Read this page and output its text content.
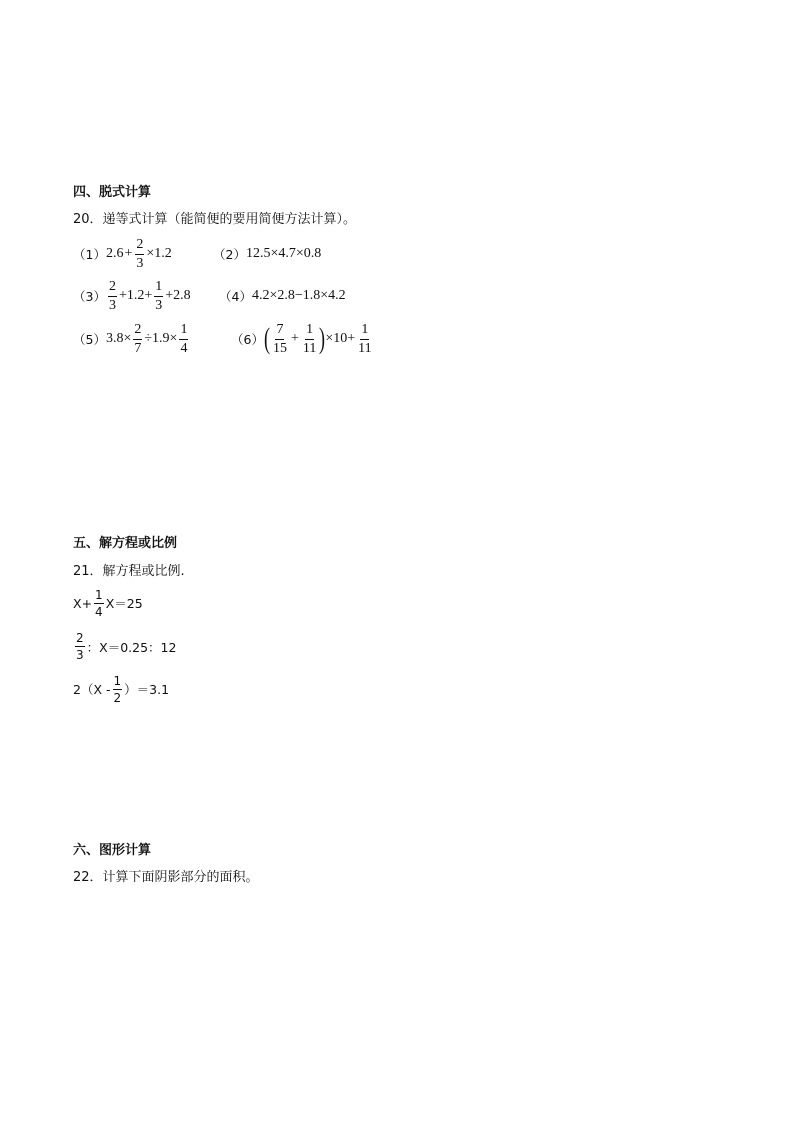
四、脱式计算
20．递等式计算（能简便的要用简便方法计算）。
（1） $2.6 + \frac{2}{3} \times 1.2$	（2） 12.5×4.7×0.8
$(3) \frac{2}{3} +1.2+ \frac{1}{3} +2.8$ （4） 4.2×2.8−1.8×4.2
（5） $3.8\times \frac{2}{7} \div 1.9\times \frac{1}{4}$	（6） ( $\frac{7}{15} + \frac{1}{11}$ ) $\times 10+ \frac{1}{11}$
五、解方程或比例
21．解方程或比例.
$X+ \frac{1}{4} X=25$
$\frac{2}{3}$ ：X＝0.25：12
$2(X - \frac{1}{2} )=3.1$
六、图形计算
22．计算下面阴影部分的面积。
